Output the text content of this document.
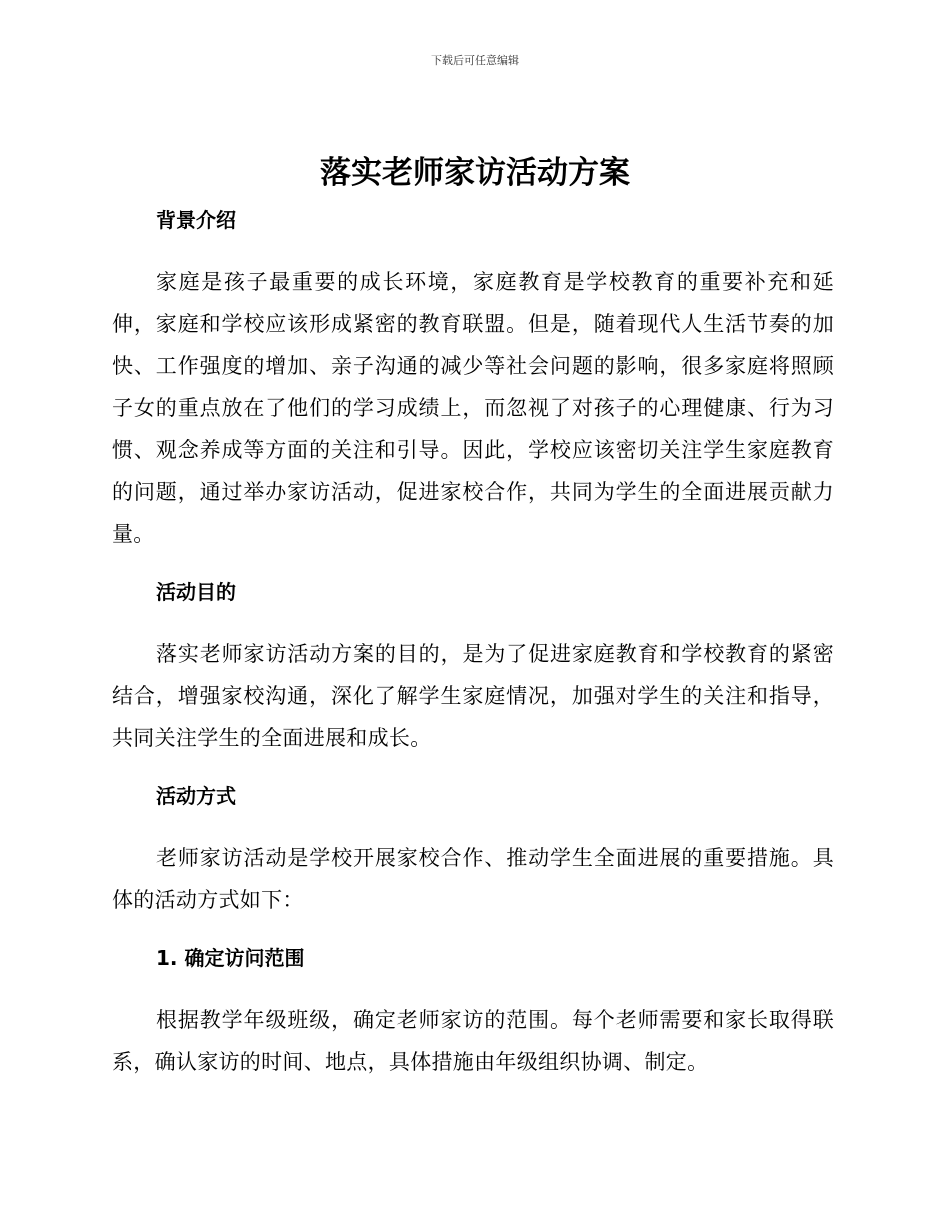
下载后可任意编辑
落实老师家访活动方案
背景介绍

家庭是孩子最重要的成长环境，家庭教育是学校教育的重要补充和延伸，家庭和学校应该形成紧密的教育联盟。但是，随着现代人生活节奏的加快、工作强度的增加、亲子沟通的减少等社会问题的影响，很多家庭将照顾子女的重点放在了他们的学习成绩上，而忽视了对孩子的心理健康、行为习惯、观念养成等方面的关注和引导。因此，学校应该密切关注学生家庭教育的问题，通过举办家访活动，促进家校合作，共同为学生的全面进展贡献力量。

活动目的

落实老师家访活动方案的目的，是为了促进家庭教育和学校教育的紧密结合，增强家校沟通，深化了解学生家庭情况，加强对学生的关注和指导，共同关注学生的全面进展和成长。

活动方式

老师家访活动是学校开展家校合作、推动学生全面进展的重要措施。具体的活动方式如下：

1. 确定访问范围

根据教学年级班级，确定老师家访的范围。每个老师需要和家长取得联系，确认家访的时间、地点，具体措施由年级组织协调、制定。
